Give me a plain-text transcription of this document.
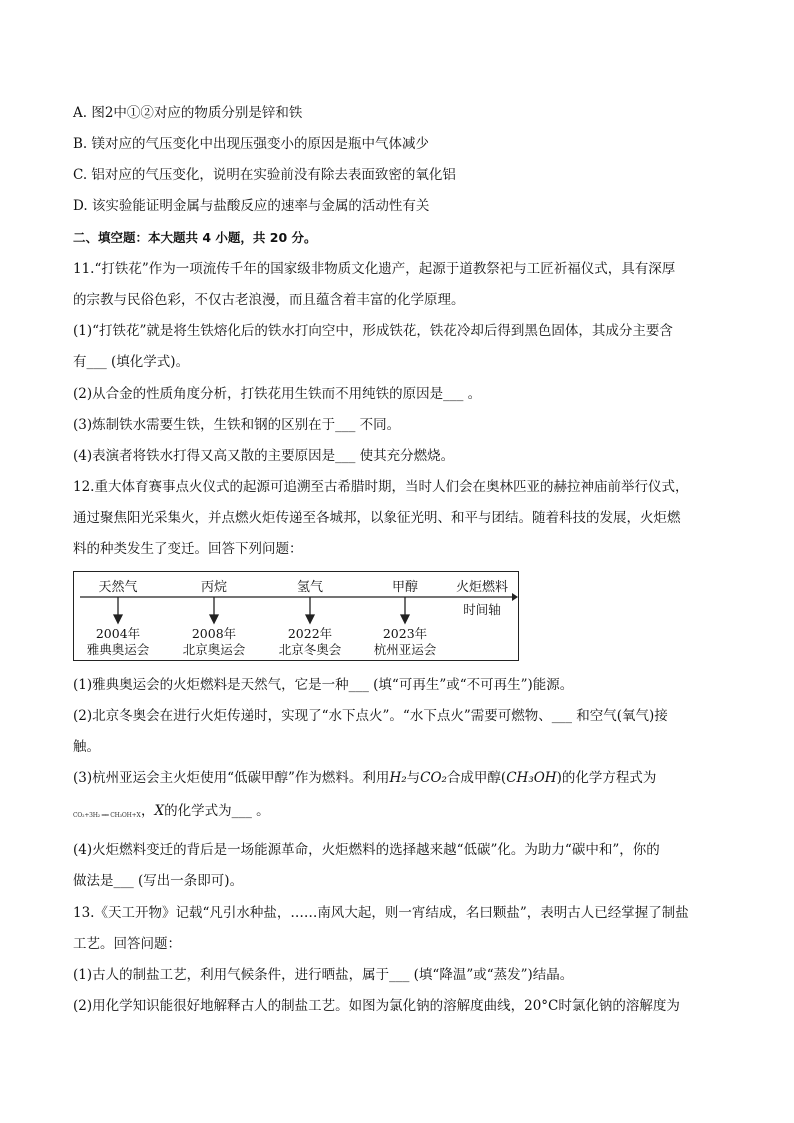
A. 图2中①②对应的物质分别是锌和铁
B. 镁对应的气压变化中出现压强变小的原因是瓶中气体减少
C. 铝对应的气压变化，说明在实验前没有除去表面致密的氧化铝
D. 该实验能证明金属与盐酸反应的速率与金属的活动性有关
二、填空题：本大题共 4 小题，共 20 分。
11.“打铁花”作为一项流传千年的国家级非物质文化遗产，起源于道教祭祀与工匠祈福仪式，具有深厚
的宗教与民俗色彩，不仅古老浪漫，而且蕴含着丰富的化学原理。
(1)“打铁花”就是将生铁熔化后的铁水打向空中，形成铁花，铁花冷却后得到黑色固体，其成分主要含
有___ (填化学式)。
(2)从合金的性质角度分析，打铁花用生铁而不用纯铁的原因是___ 。
(3)炼制铁水需要生铁，生铁和钢的区别在于___ 不同。
(4)表演者将铁水打得又高又散的主要原因是___ 使其充分燃烧。
12.重大体育赛事点火仪式的起源可追溯至古希腊时期，当时人们会在奥林匹亚的赫拉神庙前举行仪式，
通过聚焦阳光采集火，并点燃火炬传递至各城邦，以象征光明、和平与团结。随着科技的发展，火炬燃
料的种类发生了变迁。回答下列问题：
天然气	丙烷	氢气	甲醇	火炬燃料
时间轴
2004年	2008年	2022年	2023年
雅典奥运会	北京奥运会	北京冬奥会	杭州亚运会
(1)雅典奥运会的火炬燃料是天然气，它是一种___ (填“可再生”或“不可再生”)能源。
(2)北京冬奥会在进行火炬传递时，实现了“水下点火”。“水下点火”需要可燃物、___ 和空气(氧气)接
触。
(3)杭州亚运会主火炬使用“低碳甲醇”作为燃料。利用H₂与CO₂合成甲醇(CH₃OH)的化学方程式为
CO₂+3H₂ ══ CH₃OH+X，X的化学式为___ 。
(4)火炬燃料变迁的背后是一场能源革命，火炬燃料的选择越来越“低碳”化。为助力“碳中和”，你的
做法是___ (写出一条即可)。
13.《天工开物》记载“凡引水种盐，……南风大起，则一宵结成，名曰颗盐”，表明古人已经掌握了制盐
工艺。回答问题：
(1)古人的制盐工艺，利用气候条件，进行晒盐，属于___ (填“降温”或“蒸发”)结晶。
(2)用化学知识能很好地解释古人的制盐工艺。如图为氯化钠的溶解度曲线，20°C时氯化钠的溶解度为
